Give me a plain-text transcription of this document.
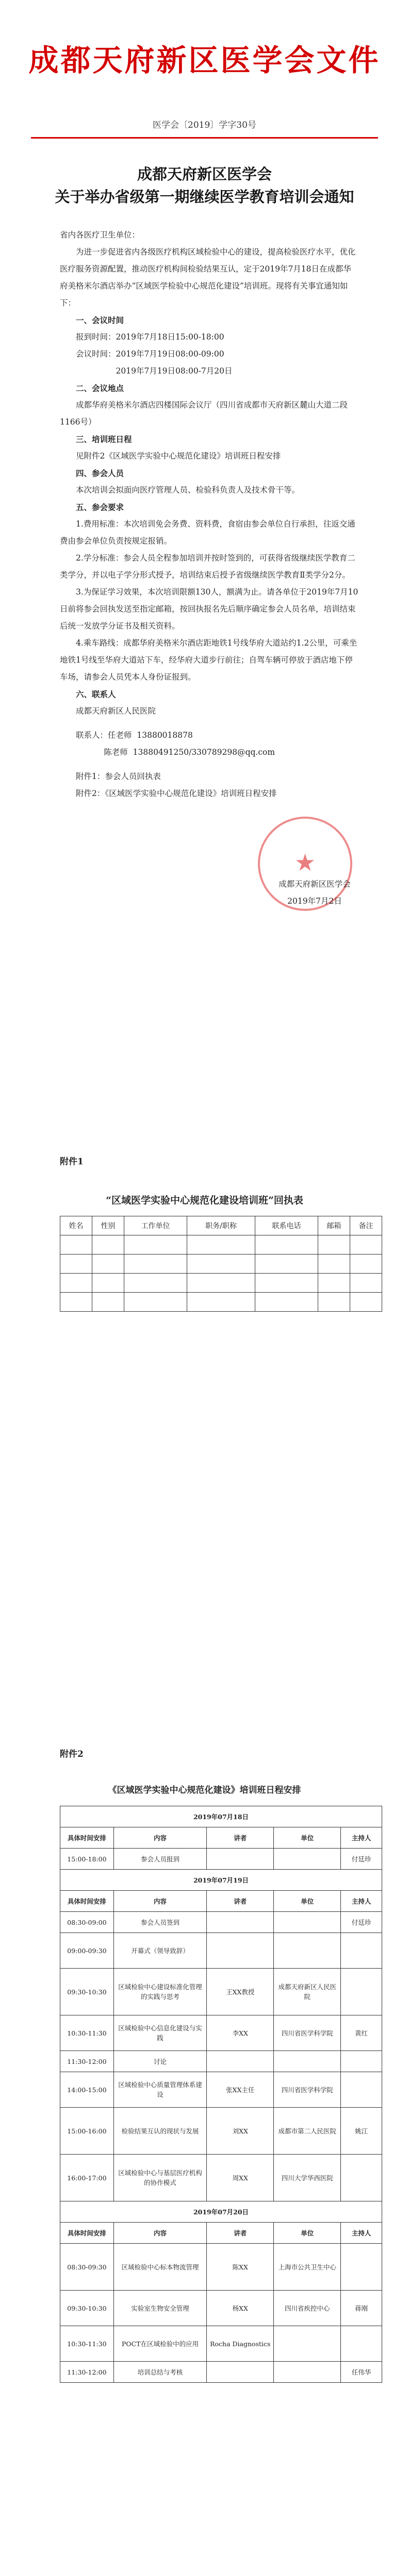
成都天府新区医学会文件
医学会〔2019〕学字30号
成都天府新区医学会
关于举办省级第一期继续医学教育培训会通知

省内各医疗卫生单位：

为进一步促进省内各级医疗机构区域检验中心的建设，提高检验医疗水平，优化医疗服务资源配置，推动医疗机构间检验结果互认，定于2019年7月18日在成都华府美格米尔酒店举办“区域医学检验中心规范化建设”培训班。现将有关事宜通知如下：

一、会议时间

报到时间：2019年7月18日15:00-18:00

会议时间：2019年7月19日08:00-09:00

2019年7月19日08:00-7月20日

二、会议地点

成都华府美格米尔酒店四楼国际会议厅（四川省成都市天府新区麓山大道二段1166号）

三、培训班日程

见附件2《区域医学实验中心规范化建设》培训班日程安排

四、参会人员

本次培训会拟面向医疗管理人员、检验科负责人及技术骨干等。

五、参会要求

1.费用标准：本次培训免会务费、资料费，食宿由参会单位自行承担，往返交通费由参会单位负责按规定报销。

2.学分标准：参会人员全程参加培训并按时签到的，可获得省级继续医学教育二类学分，并以电子学分形式授予，培训结束后授予省级继续医学教育Ⅱ类学分2分。

3.为保证学习效果，本次培训限额130人，额满为止。请各单位于2019年7月10日前将参会回执发送至指定邮箱，按回执报名先后顺序确定参会人员名单，培训结束后统一发放学分证书及相关资料。

4.乘车路线：成都华府美格米尔酒店距地铁1号线华府大道站约1.2公里，可乘坐地铁1号线至华府大道站下车，经华府大道步行前往；自驾车辆可停放于酒店地下停车场，请参会人员凭本人身份证报到。

六、联系人

成都天府新区人民医院

联系人：任老师 13880018878

陈老师 13880491250/330789298@qq.com

附件1：参会人员回执表

附件2：《区域医学实验中心规范化建设》培训班日程安排

★
成都天府新区医学会
2019年7月2日
附件1
“区域医学实验中心规范化建设培训班”回执表
姓名	性别	工作单位	职务/职称	联系电话	邮箱	备注

附件2
《区域医学实验中心规范化建设》培训班日程安排
2019年07月18日				
具体时间安排	内容	讲者	单位	主持人
15:00-18:00	参会人员报到			付廷珍
2019年07月19日				
具体时间安排	内容	讲者	单位	主持人
08:30-09:00	参会人员签到			付廷珍
09:00-09:30	开幕式（领导致辞）			
09:30-10:30	区域检验中心建设标准化管理的实践与思考	王XX教授	成都天府新区人民医院	
10:30-11:30	区域检验中心信息化建设与实践	李XX	四川省医学科学院	黄红
11:30-12:00	讨论			
14:00-15:00	区域检验中心质量管理体系建设	张XX主任	四川省医学科学院	
15:00-16:00	检验结果互认的现状与发展	刘XX	成都市第二人民医院	姚江
16:00-17:00	区域检验中心与基层医疗机构的协作模式	周XX	四川大学华西医院	
2019年07月20日				
具体时间安排	内容	讲者	单位	主持人
08:30-09:30	区域检验中心标本物流管理	陈XX	上海市公共卫生中心	
09:30-10:30	实验室生物安全管理	杨XX	四川省疾控中心	蒋刚
10:30-11:30	POCT在区域检验中的应用	Rocha Diagnostics		
11:30-12:00	培训总结与考核			任伟华
